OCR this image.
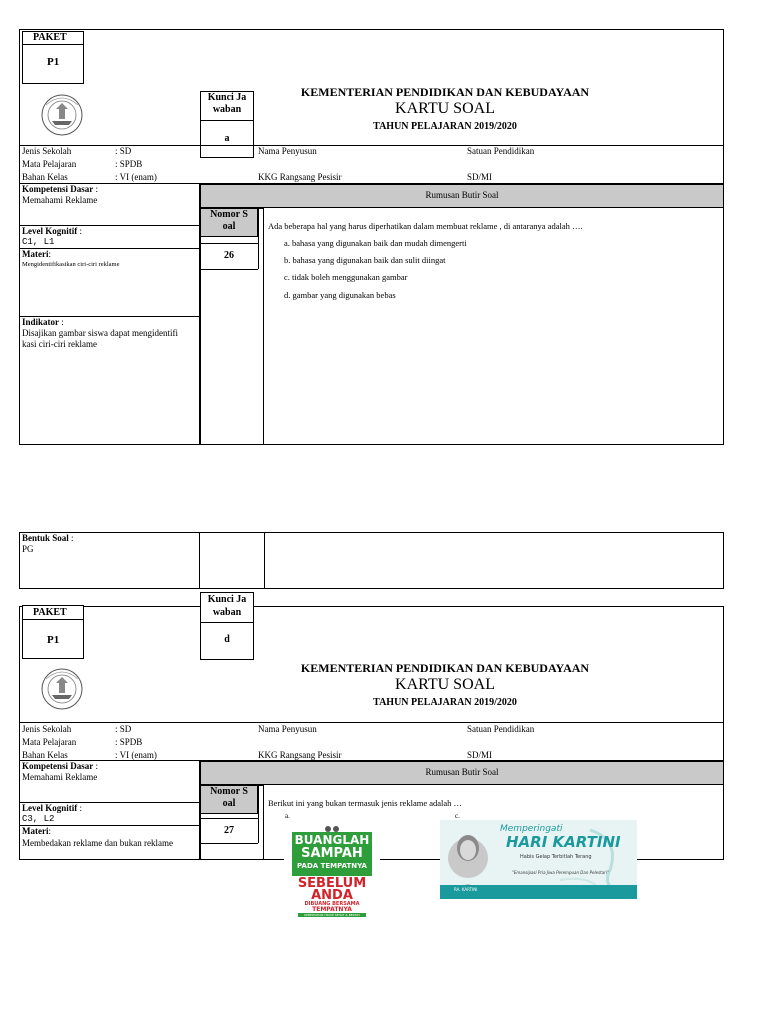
PAKET
P1
Kunci Ja
waban
a
KEMENTERIAN PENDIDIKAN DAN KEBUDAYAAN
KARTU SOAL
TAHUN PELAJARAN 2019/2020
Jenis Sekolah	: SD
Mata Pelajaran	: SPDB
Bahan Kelas	: VI (enam)
Nama Penyusun
KKG Rangsang Pesisir
Satuan Pendidikan
SD/MI
Kompetensi Dasar :
Memahami Reklame	Rumusan Butir Soal
Nomor S
oal
26
Level Kognitif :
C1, L1
Materi:
Mengidentifikasikan ciri-ciri reklame
Indikator :
Disajikan gambar siswa dapat mengidentifi
kasi ciri-ciri reklame
Ada beberapa hal yang harus diperhatikan dalam membuat reklame , di antaranya adalah ….
a. bahasa yang digunakan baik dan mudah dimengerti
b. bahasa yang digunakan baik dan sulit diingat
c. tidak boleh menggunakan gambar
d. gambar yang digunakan bebas
Bentuk Soal :
PG
PAKET
P1
Kunci Ja
waban
d
KEMENTERIAN PENDIDIKAN DAN KEBUDAYAAN
KARTU SOAL
TAHUN PELAJARAN 2019/2020
Jenis Sekolah	: SD
Mata Pelajaran	: SPDB
Bahan Kelas	: VI (enam)
Nama Penyusun
KKG Rangsang Pesisir
Satuan Pendidikan
SD/MI
Kompetensi Dasar :
Memahami Reklame	Rumusan Butir Soal
Nomor S
oal
27
Level Kognitif :
C3, L2
Materi:
Membedakan reklame dan bukan reklame
Berikut ini yang bukan termasuk jenis reklame adalah …
a.	c.
BUANGLAH
SAMPAH
PADA TEMPATNYA
SEBELUM
ANDA
DIBUANG BERSAMA
TEMPATNYA
KEBERSIHAN HIDUP SEHAT & BERSIH
Memperingati
HARI KARTINI
Habis Gelap Terbitlah Terang
"Emansipasi Pria Jiwa Perempuan Dan Pelestari"
RA. KARTINI
